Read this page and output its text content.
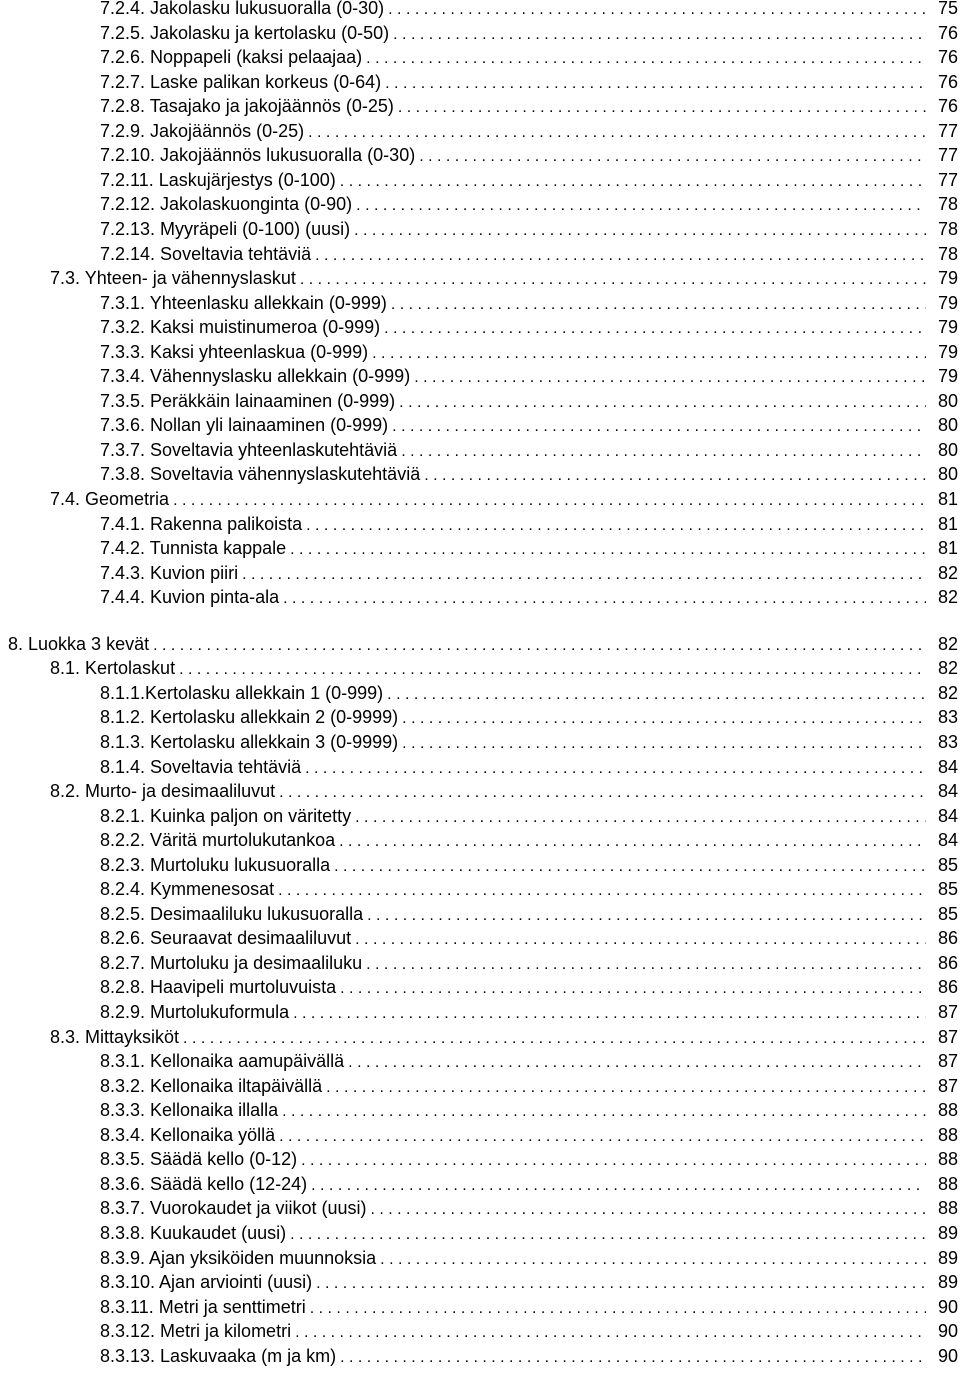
7.2.4. Jakolasku lukusuoralla (0-30) . . .	75
7.2.5. Jakolasku ja kertolasku (0-50) . . .	76
7.2.6. Noppapeli (kaksi pelaajaa) . . .	76
7.2.7. Laske palikan korkeus (0-64) . . .	76
7.2.8. Tasajako ja jakojäännös (0-25) . . .	76
7.2.9. Jakojäännös (0-25) . . .	77
7.2.10. Jakojäännös lukusuoralla (0-30) . . .	77
7.2.11. Laskujärjestys (0-100) . . .	77
7.2.12. Jakolaskuonginta (0-90) . . .	78
7.2.13. Myyräpeli (0-100) (uusi) . . .	78
7.2.14. Soveltavia tehtäviä . . .	78
7.3. Yhteen- ja vähennyslaskut . . .	79
7.3.1. Yhteenlasku allekkain (0-999) . . .	79
7.3.2. Kaksi muistinumeroa (0-999) . . .	79
7.3.3. Kaksi yhteenlaskua (0-999) . . .	79
7.3.4. Vähennyslasku allekkain (0-999) . . .	79
7.3.5. Peräkkäin lainaaminen (0-999) . . .	80
7.3.6. Nollan yli lainaaminen (0-999) . . .	80
7.3.7. Soveltavia yhteenlaskutehtäviä . . .	80
7.3.8. Soveltavia vähennyslaskutehtäviä . . .	80
7.4. Geometria . . .	81
7.4.1. Rakenna palikoista . . .	81
7.4.2. Tunnista kappale . . .	81
7.4.3. Kuvion piiri . . .	82
7.4.4. Kuvion pinta-ala . . .	82
8. Luokka 3 kevät . . .	82
8.1. Kertolaskut . . .	82
8.1.1.Kertolasku allekkain 1 (0-999) . . .	82
8.1.2. Kertolasku allekkain 2 (0-9999) . . .	83
8.1.3. Kertolasku allekkain 3 (0-9999) . . .	83
8.1.4. Soveltavia tehtäviä . . .	84
8.2. Murto- ja desimaaliluvut . . .	84
8.2.1. Kuinka paljon on väritetty . . .	84
8.2.2. Väritä murtolukutankoa . . .	84
8.2.3. Murtoluku lukusuoralla . . .	85
8.2.4. Kymmenesosat . . .	85
8.2.5. Desimaaliluku lukusuoralla . . .	85
8.2.6. Seuraavat desimaaliluvut . . .	86
8.2.7. Murtoluku ja desimaaliluku . . .	86
8.2.8. Haavipeli murtoluvuista . . .	86
8.2.9. Murtolukuformula . . .	87
8.3. Mittayksiköt . . .	87
8.3.1. Kellonaika aamupäivällä . . .	87
8.3.2. Kellonaika iltapäivällä . . .	87
8.3.3. Kellonaika illalla . . .	88
8.3.4. Kellonaika yöllä . . .	88
8.3.5. Säädä kello (0-12) . . .	88
8.3.6. Säädä kello (12-24) . . .	88
8.3.7. Vuorokaudet ja viikot (uusi) . . .	88
8.3.8. Kuukaudet (uusi) . . .	89
8.3.9. Ajan yksiköiden muunnoksia . . .	89
8.3.10. Ajan arviointi (uusi) . . .	89
8.3.11. Metri ja senttimetri . . .	90
8.3.12. Metri ja kilometri . . .	90
8.3.13. Laskuvaaka (m ja km) . . .	90
